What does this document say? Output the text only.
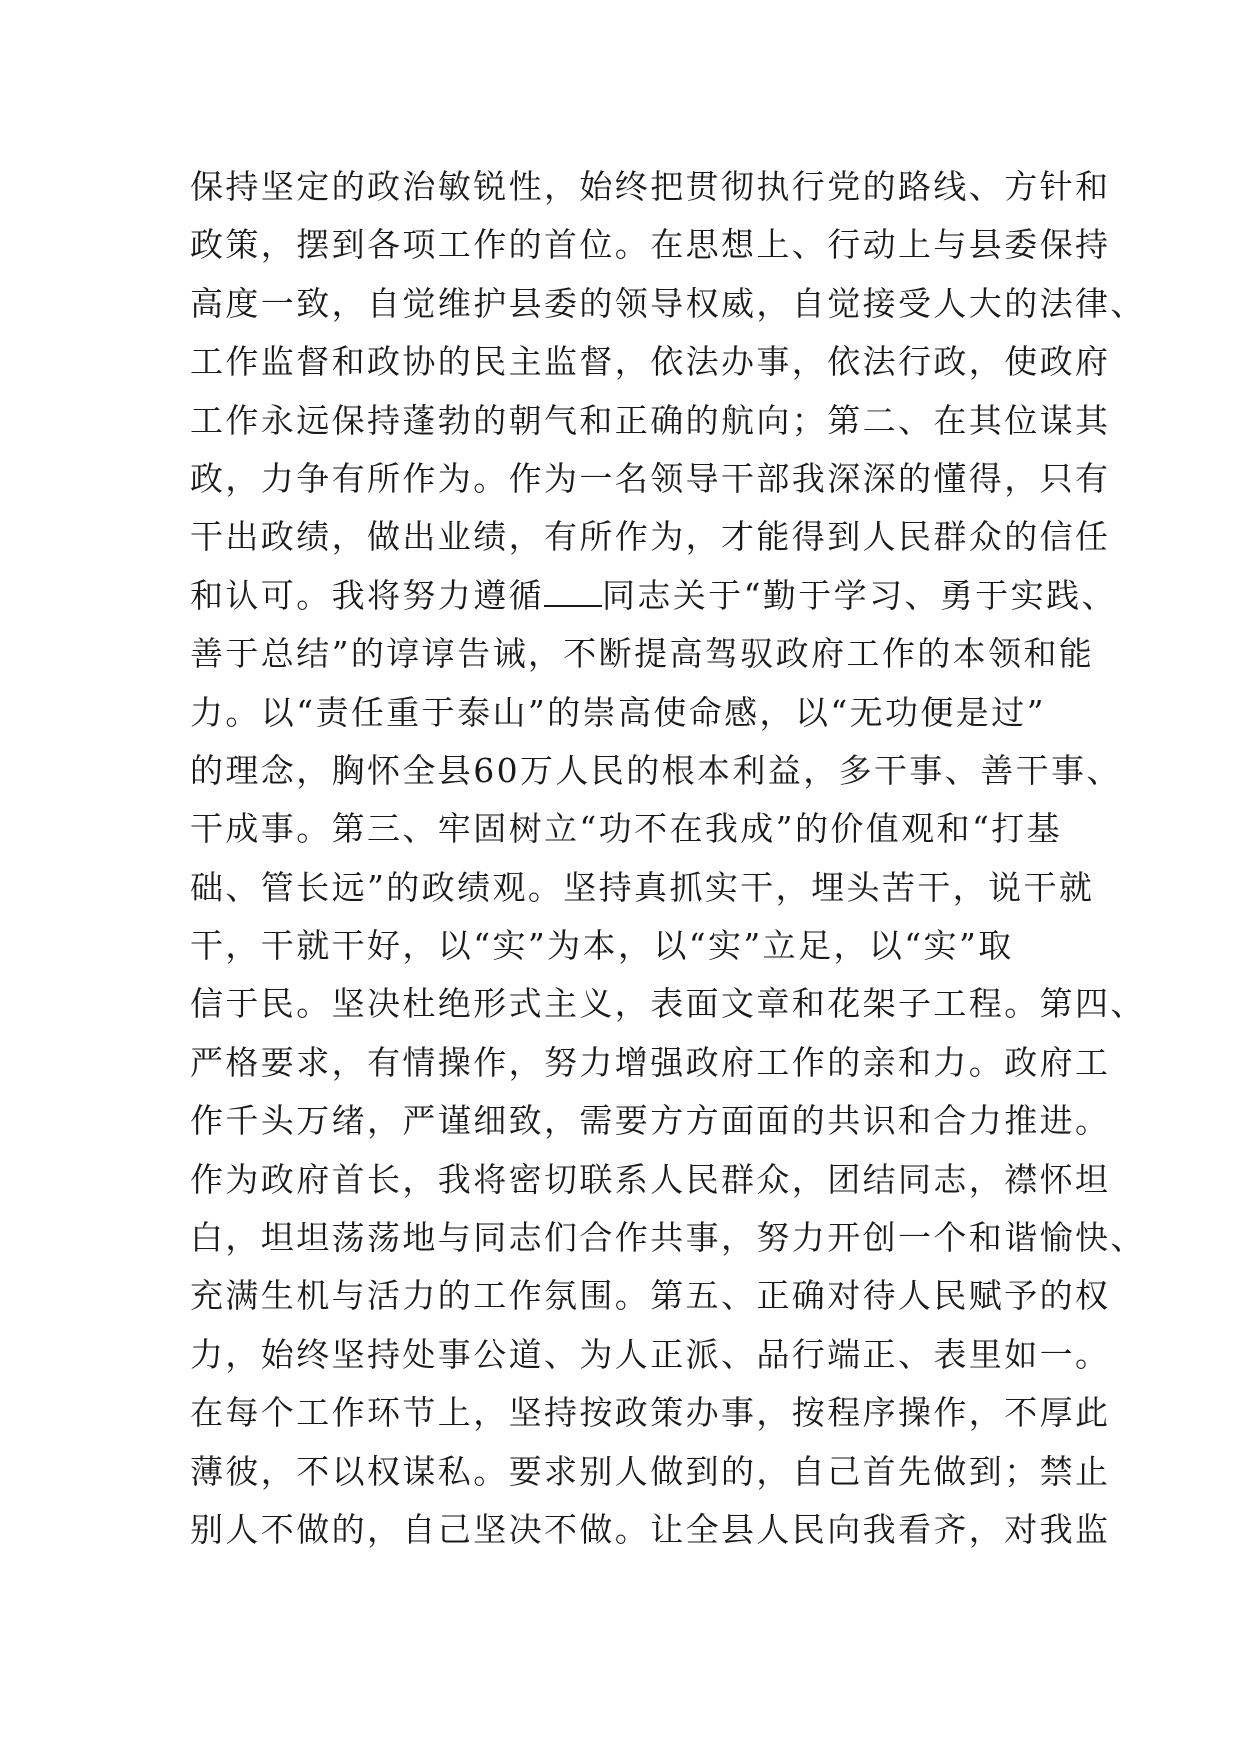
保持坚定的政治敏锐性，始终把贯彻执行党的路线、方针和
政策，摆到各项工作的首位。在思想上、行动上与县委保持
高度一致，自觉维护县委的领导权威，自觉接受人大的法律、
工作监督和政协的民主监督，依法办事，依法行政，使政府
工作永远保持蓬勃的朝气和正确的航向；第二、在其位谋其
政，力争有所作为。作为一名领导干部我深深的懂得，只有
干出政绩，做出业绩，有所作为，才能得到人民群众的信任
和认可。我将努力遵循 同志关于“勤于学习、勇于实践、
善于总结”的谆谆告诫，不断提高驾驭政府工作的本领和能
力。以“责任重于泰山”的崇高使命感，以“无功便是过”
的理念，胸怀全县60万人民的根本利益，多干事、善干事、
干成事。第三、牢固树立“功不在我成”的价值观和“打基
础、管长远”的政绩观。坚持真抓实干，埋头苦干，说干就
干，干就干好，以“实”为本，以“实”立足，以“实”取
信于民。坚决杜绝形式主义，表面文章和花架子工程。第四、
严格要求，有情操作，努力增强政府工作的亲和力。政府工
作千头万绪，严谨细致，需要方方面面的共识和合力推进。
作为政府首长，我将密切联系人民群众，团结同志，襟怀坦
白，坦坦荡荡地与同志们合作共事，努力开创一个和谐愉快、
充满生机与活力的工作氛围。第五、正确对待人民赋予的权
力，始终坚持处事公道、为人正派、品行端正、表里如一。
在每个工作环节上，坚持按政策办事，按程序操作，不厚此
薄彼，不以权谋私。要求别人做到的，自己首先做到；禁止
别人不做的，自己坚决不做。让全县人民向我看齐，对我监
